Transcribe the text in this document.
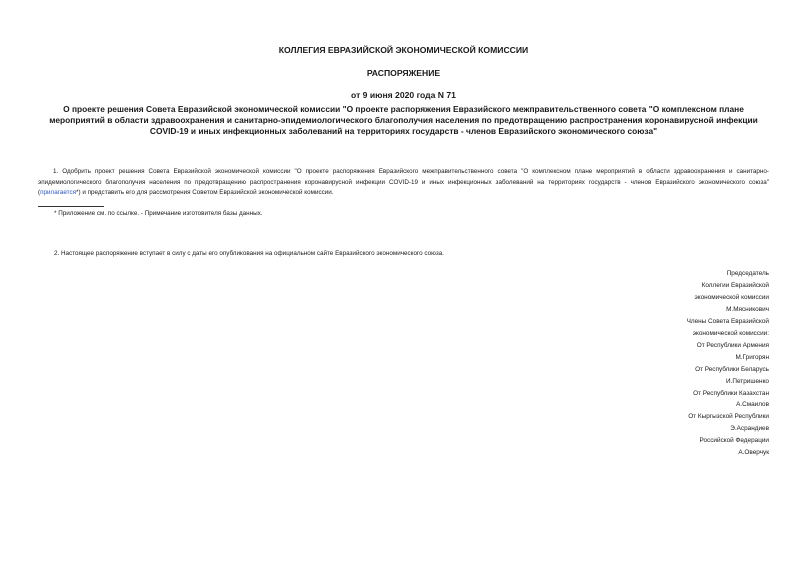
КОЛЛЕГИЯ ЕВРАЗИЙСКОЙ ЭКОНОМИЧЕСКОЙ КОМИССИИ
РАСПОРЯЖЕНИЕ
от 9 июня 2020 года N 71
О проекте решения Совета Евразийской экономической комиссии "О проекте распоряжения Евразийского межправительственного совета "О комплексном плане мероприятий в области здравоохранения и санитарно-эпидемиологического благополучия населения по предотвращению распространения коронавирусной инфекции COVID-19 и иных инфекционных заболеваний на территориях государств - членов Евразийского экономического союза"
1. Одобрить проект решения Совета Евразийской экономической комиссии "О проекте распоряжения Евразийского межправительственного совета "О комплексном плане мероприятий в области здравоохранения и санитарно-эпидемиологического благополучия населения по предотвращению распространения коронавирусной инфекции COVID-19 и иных инфекционных заболеваний на территориях государств - членов Евразийского экономического союза" (прилагается*) и представить его для рассмотрения Советом Евразийской экономической комиссии.
* Приложение см. по ссылке. - Примечание изготовителя базы данных.
2. Настоящее распоряжение вступает в силу с даты его опубликования на официальном сайте Евразийского экономического союза.
Председатель
Коллегии Евразийской
экономической комиссии
М.Мясникович
Члены Совета Евразийской
экономической комиссии:
От Республики Армения
М.Григорян
От Республики Беларусь
И.Петришенко
От Республики Казахстан
А.Смаилов
От Кыргызской Республики
Э.Асрандиев
Российской Федерации
А.Оверчук
